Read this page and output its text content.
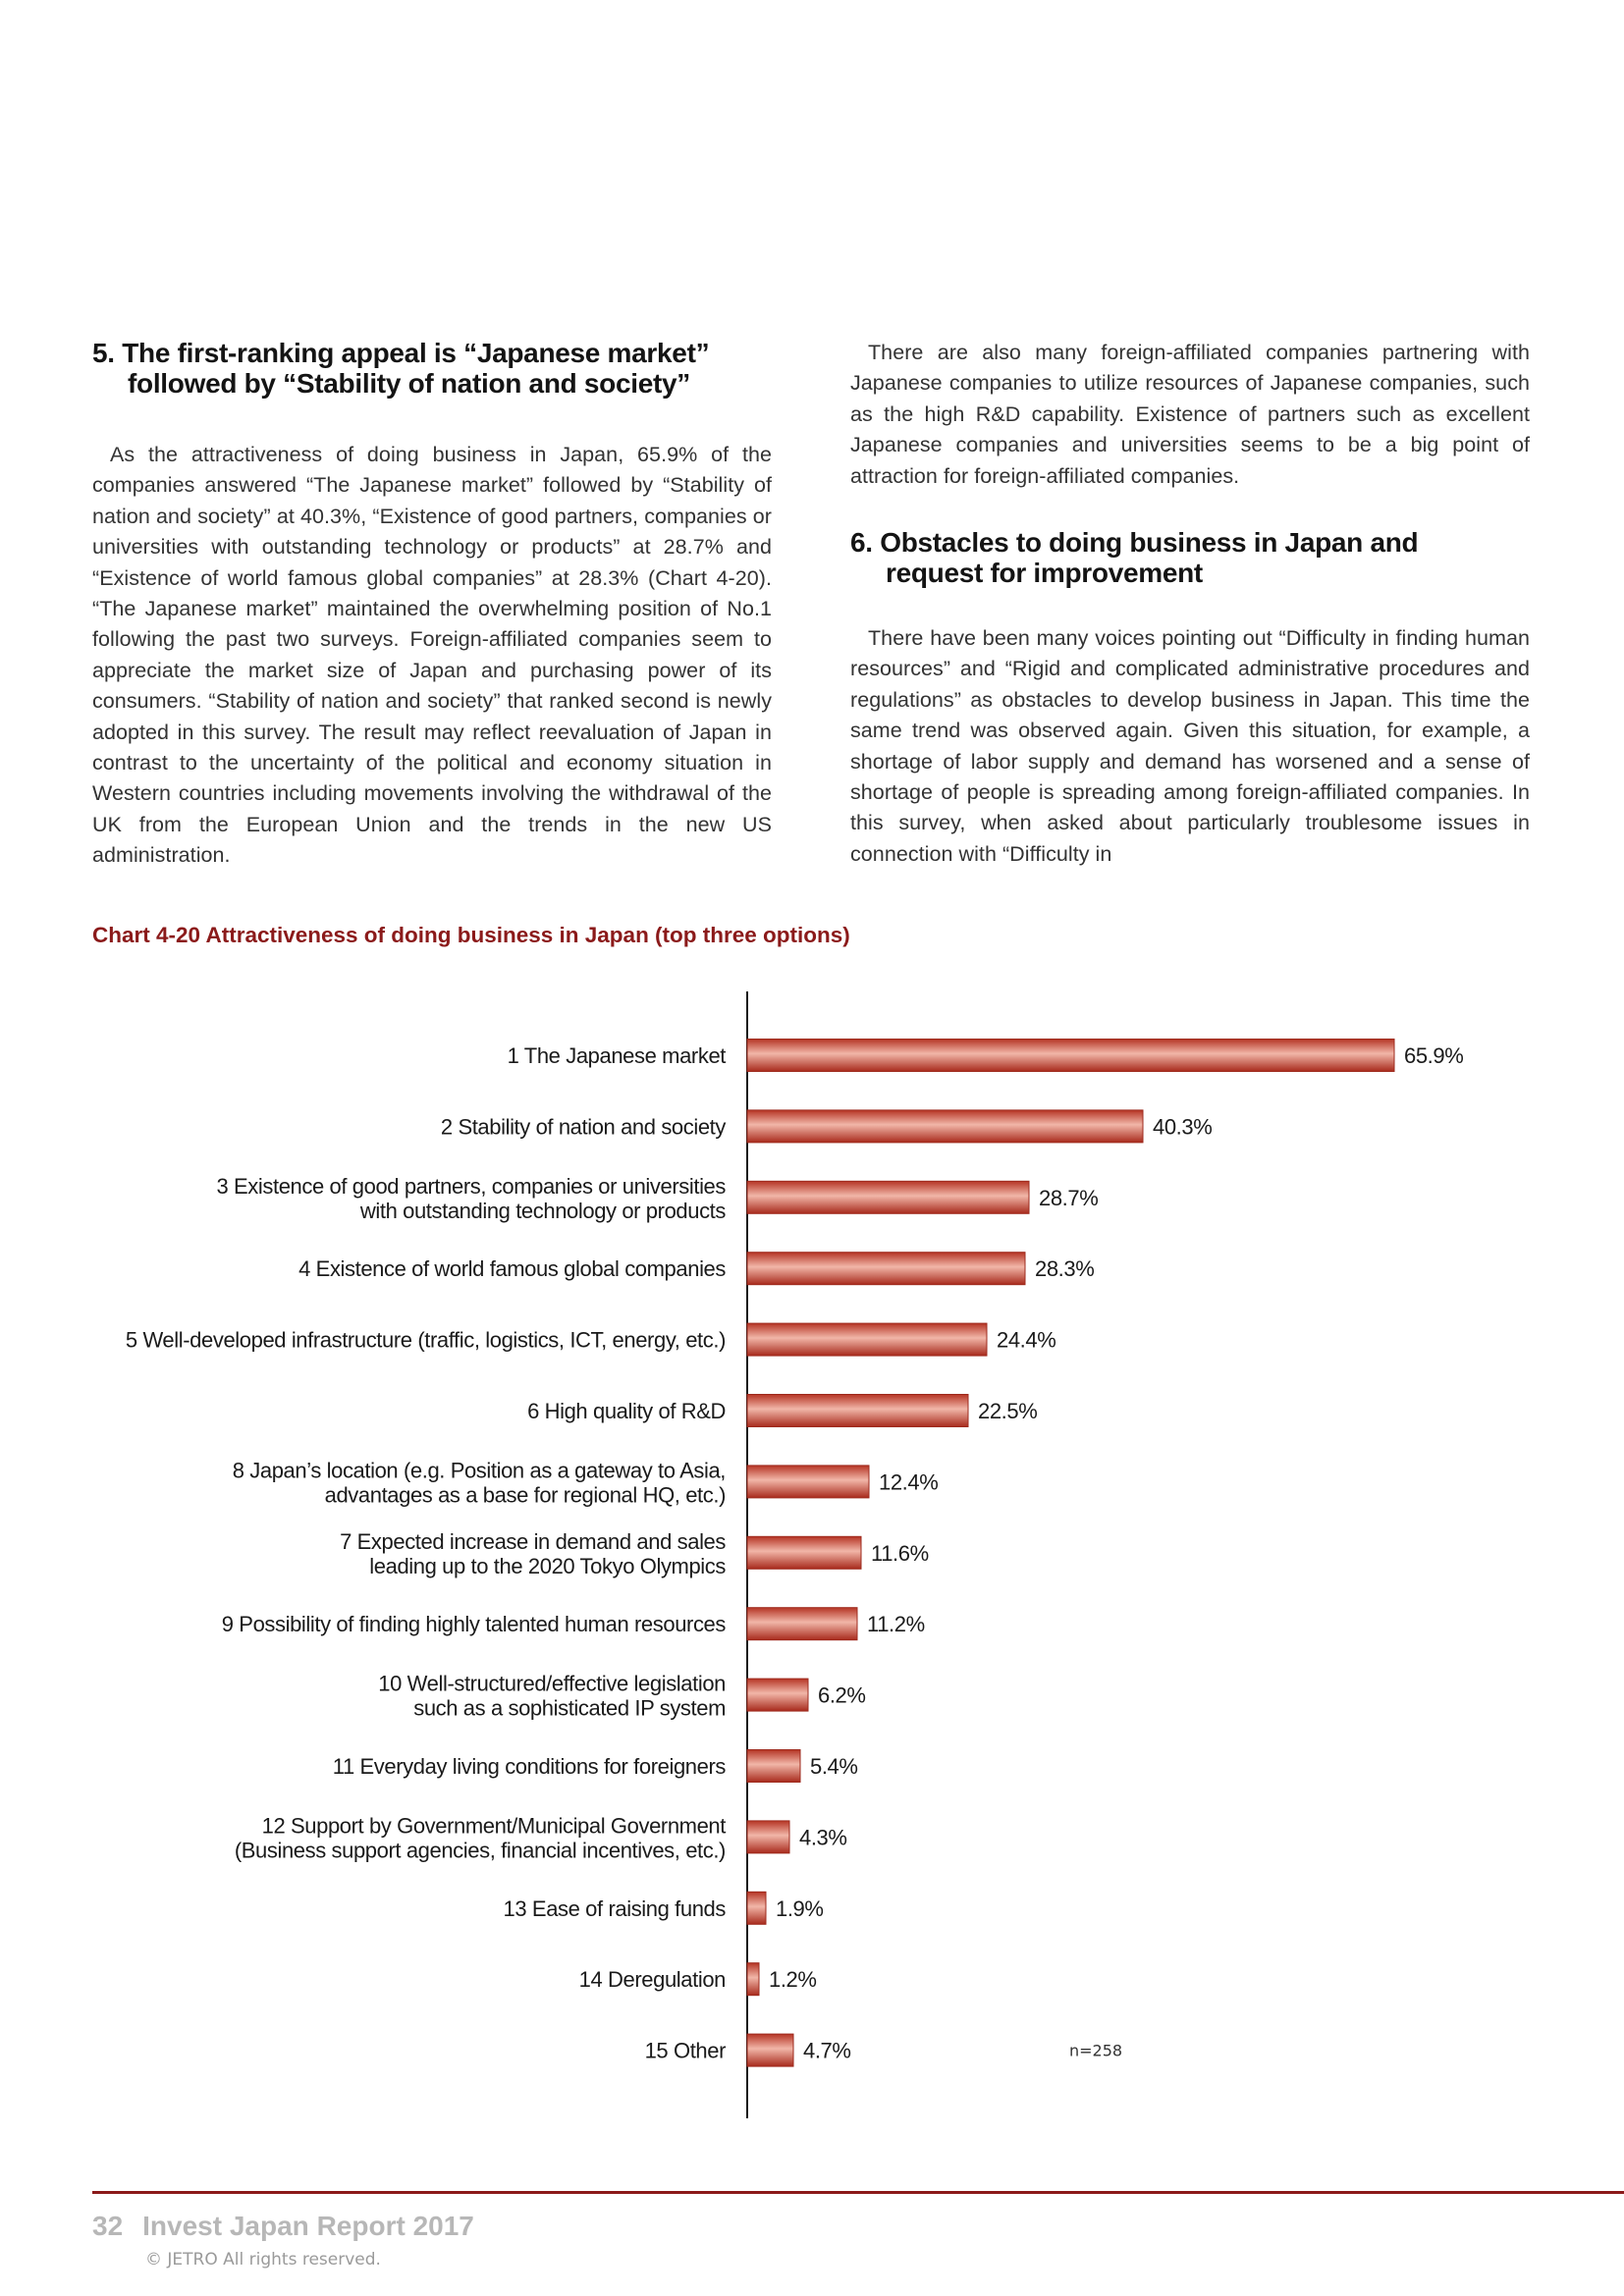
5. The first-ranking appeal is “Japanese market”
followed by “Stability of nation and society”

As the attractiveness of doing business in Japan, 65.9% of the companies answered “The Japanese market” followed by “Stability of nation and society” at 40.3%, “Existence of good partners, companies or universities with outstanding technology or products” at 28.7% and “Existence of world famous global companies” at 28.3% (Chart 4-20). “The Japanese market” maintained the overwhelming position of No.1 following the past two surveys. Foreign-affiliated companies seem to appreciate the market size of Japan and purchasing power of its consumers. “Stability of nation and society” that ranked second is newly adopted in this survey. The result may reflect reevaluation of Japan in contrast to the uncertainty of the political and economy situation in Western countries including movements involving the withdrawal of the UK from the European Union and the trends in the new US administration.

There are also many foreign-affiliated companies partnering with Japanese companies to utilize resources of Japanese companies, such as the high R&D capability. Existence of partners such as excellent Japanese companies and universities seems to be a big point of attraction for foreign-affiliated companies.

6. Obstacles to doing business in Japan and
request for improvement

There have been many voices pointing out “Difficulty in finding human resources” and “Rigid and complicated administrative procedures and regulations” as obstacles to develop business in Japan. This time the same trend was observed again. Given this situation, for example, a shortage of labor supply and demand has worsened and a sense of shortage of people is spreading among foreign-affiliated companies. In this survey, when asked about particularly troublesome issues in connection with “Difficulty in

Chart 4-20 Attractiveness of doing business in Japan (top three options)
65.9%
1 The Japanese market
40.3%
2 Stability of nation and society
28.7%
3 Existence of good partners, companies or universities with outstanding technology or products
28.3%
4 Existence of world famous global companies
24.4%
5 Well-developed infrastructure (traffic, logistics, ICT, energy, etc.)
22.5%
6 High quality of R&D
12.4%
8 Japan’s location (e.g. Position as a gateway to Asia, advantages as a base for regional HQ, etc.)
11.6%
7 Expected increase in demand and sales leading up to the 2020 Tokyo Olympics
11.2%
9 Possibility of finding highly talented human resources
6.2%
10 Well-structured/effective legislation such as a sophisticated IP system
5.4%
11 Everyday living conditions for foreigners
4.3%
12 Support by Government/Municipal Government (Business support agencies, financial incentives, etc.)
1.9%
13 Ease of raising funds
1.2%
14 Deregulation
4.7%
15 Other	n=258
32 Invest Japan Report 2017
© JETRO All rights reserved.
